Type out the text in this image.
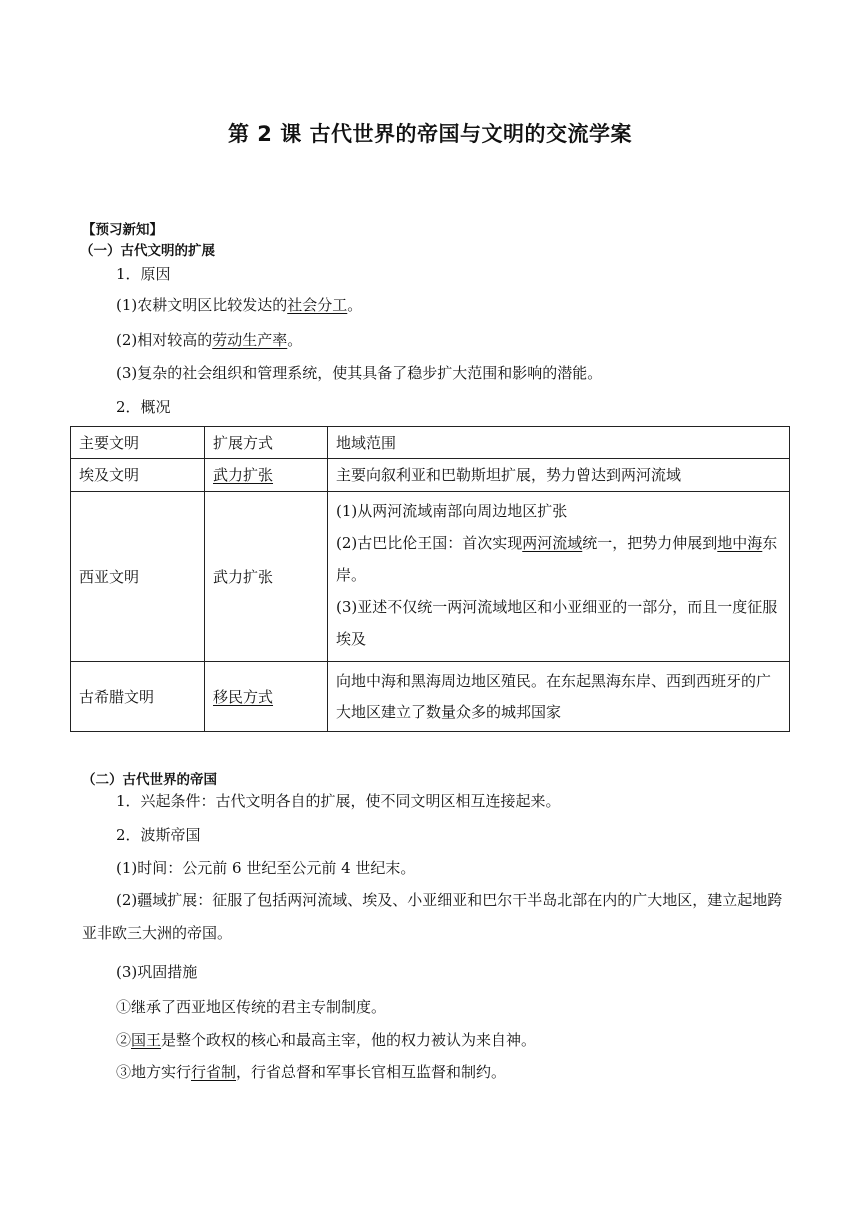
第 2 课 古代世界的帝国与文明的交流学案
【预习新知】
（一）古代文明的扩展
1．原因
(1)农耕文明区比较发达的社会分工。
(2)相对较高的劳动生产率。
(3)复杂的社会组织和管理系统，使其具备了稳步扩大范围和影响的潜能。
2．概况
主要文明	扩展方式	地域范围
埃及文明	武力扩张	主要向叙利亚和巴勒斯坦扩展，势力曾达到两河流域
西亚文明	武力扩张	(1)从两河流域南部向周边地区扩张
(2)古巴比伦王国：首次实现两河流域统一，把势力伸展到地中海东岸。
(3)亚述不仅统一两河流域地区和小亚细亚的一部分，而且一度征服埃及

古希腊文明	移民方式	向地中海和黑海周边地区殖民。在东起黑海东岸、西到西班牙的广大地区建立了数量众多的城邦国家
（二）古代世界的帝国
1．兴起条件：古代文明各自的扩展，使不同文明区相互连接起来。
2．波斯帝国
(1)时间：公元前 6 世纪至公元前 4 世纪末。
(2)疆域扩展：征服了包括两河流域、埃及、小亚细亚和巴尔干半岛北部在内的广大地区，建立起地跨亚非欧三大洲的帝国。
(3)巩固措施
①继承了西亚地区传统的君主专制制度。
②国王是整个政权的核心和最高主宰，他的权力被认为来自神。
③地方实行行省制，行省总督和军事长官相互监督和制约。
